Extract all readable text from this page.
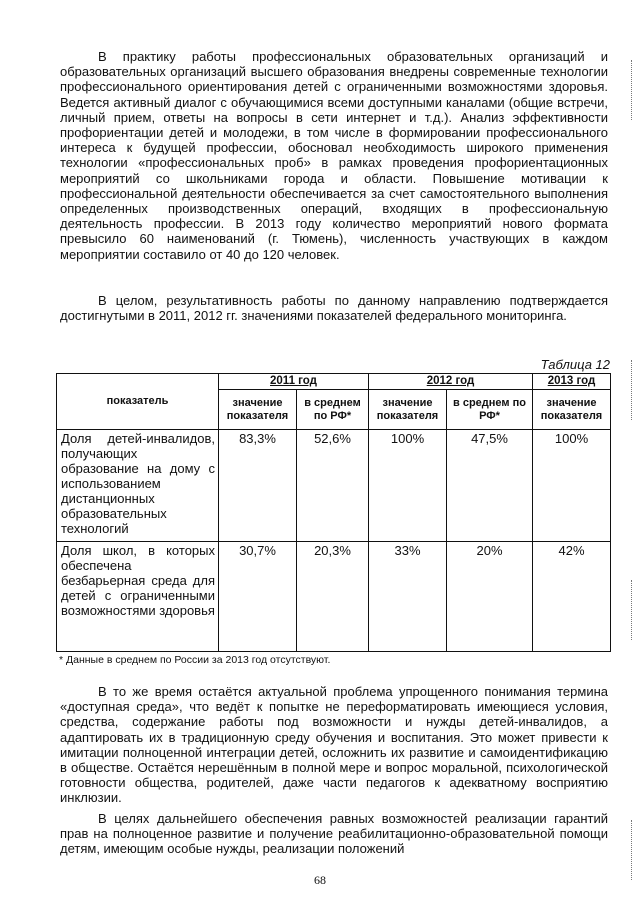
В практику работы профессиональных образовательных организаций и образовательных организаций высшего образования внедрены современные технологии профессионального ориентирования детей с ограниченными возможностями здоровья. Ведется активный диалог с обучающимися всеми доступными каналами (общие встречи, личный прием, ответы на вопросы в сети интернет и т.д.). Анализ эффективности профориентации детей и молодежи, в том числе в формировании профессионального интереса к будущей профессии, обосновал необходимость широкого применения технологии «профессиональных проб» в рамках проведения профориентационных мероприятий со школьниками города и области. Повышение мотивации к профессиональной деятельности обеспечивается за счет самостоятельного выполнения определенных производственных операций, входящих в профессиональную деятельность профессии. В 2013 году количество мероприятий нового формата превысило 60 наименований (г. Тюмень), численность участвующих в каждом мероприятии составило от 40 до 120 человек.

В целом, результативность работы по данному направлению подтверждается достигнутыми в 2011, 2012 гг. значениями показателей федерального мониторинга.

Таблица 12
показатель	2011 год		2012 год		2013 год
	значение показателя	в среднем по РФ*	значение показателя	в среднем по РФ*	значение показателя
Доля детей-инвалидов, получающих образование на дому с использованием дистанционных образовательных технологий	83,3%	52,6%	100%	47,5%	100%
Доля школ, в которых обеспечена безбарьерная среда для детей с ограниченными возможностями здоровья	30,7%	20,3%	33%	20%	42%
* Данные в среднем по России за 2013 год отсутствуют.

В то же время остаётся актуальной проблема упрощенного понимания термина «доступная среда», что ведёт к попытке не переформатировать имеющиеся условия, средства, содержание работы под возможности и нужды детей-инвалидов, а адаптировать их в традиционную среду обучения и воспитания. Это может привести к имитации полноценной интеграции детей, осложнить их развитие и самоидентификацию в обществе. Остаётся нерешённым в полной мере и вопрос моральной, психологической готовности общества, родителей, даже части педагогов к адекватному восприятию инклюзии.

В целях дальнейшего обеспечения равных возможностей реализации гарантий прав на полноценное развитие и получение реабилитационно-образовательной помощи детям, имеющим особые нужды, реализации положений

68
